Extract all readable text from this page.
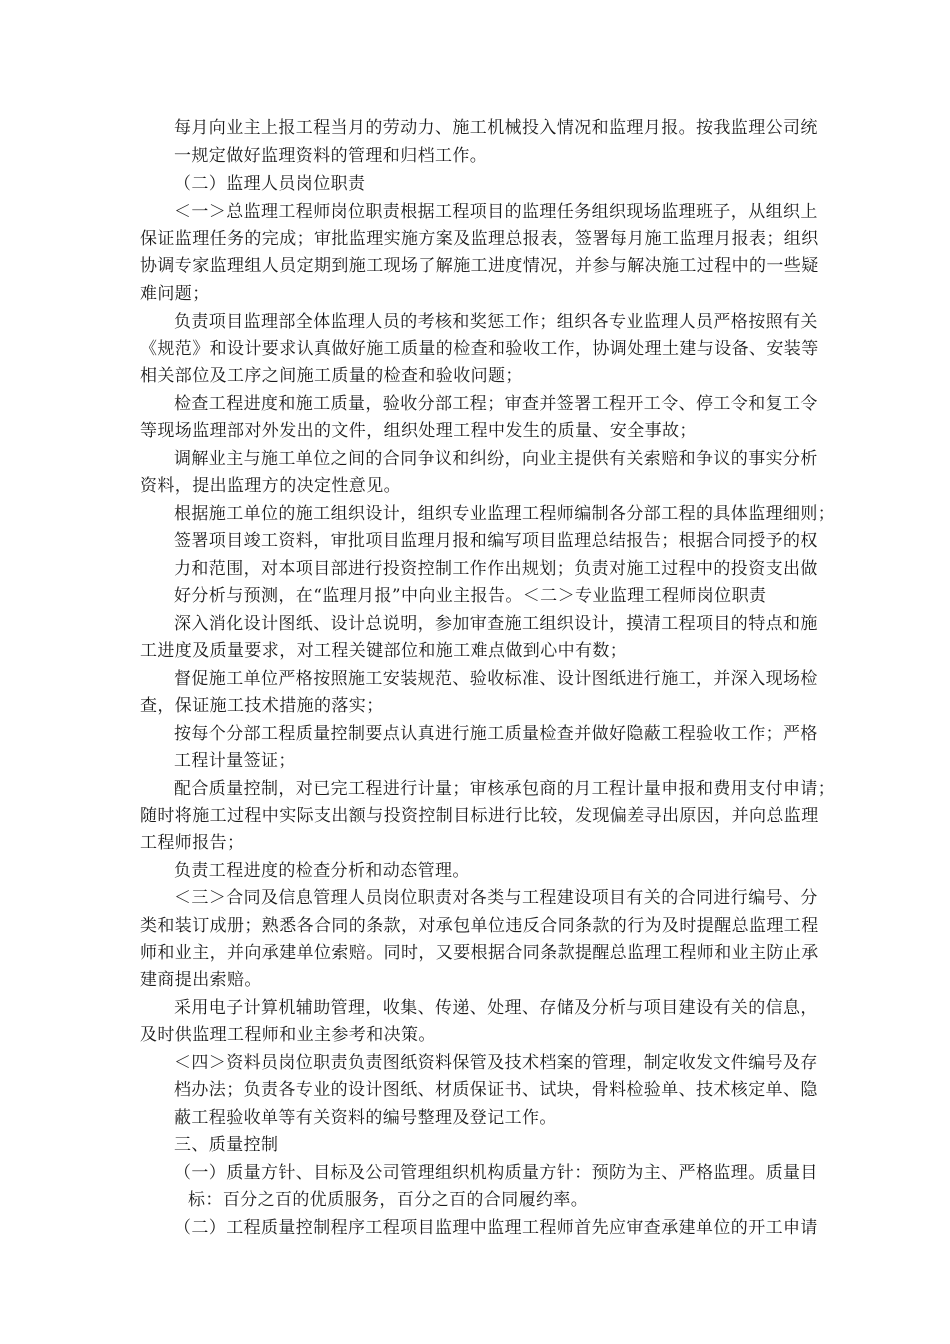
每月向业主上报工程当月的劳动力、施工机械投入情况和监理月报。按我监理公司统
一规定做好监理资料的管理和归档工作。
（二）监理人员岗位职责
＜一＞总监理工程师岗位职责根据工程项目的监理任务组织现场监理班子，从组织上
保证监理任务的完成；审批监理实施方案及监理总报表，签署每月施工监理月报表；组织
协调专家监理组人员定期到施工现场了解施工进度情况，并参与解决施工过程中的一些疑
难问题；
负责项目监理部全体监理人员的考核和奖惩工作；组织各专业监理人员严格按照有关
《规范》和设计要求认真做好施工质量的检查和验收工作，协调处理土建与设备、安装等
相关部位及工序之间施工质量的检查和验收问题；
检查工程进度和施工质量，验收分部工程；审查并签署工程开工令、停工令和复工令
等现场监理部对外发出的文件，组织处理工程中发生的质量、安全事故；
调解业主与施工单位之间的合同争议和纠纷，向业主提供有关索赔和争议的事实分析
资料，提出监理方的决定性意见。
根据施工单位的施工组织设计，组织专业监理工程师编制各分部工程的具体监理细则；
签署项目竣工资料，审批项目监理月报和编写项目监理总结报告；根据合同授予的权
力和范围，对本项目部进行投资控制工作作出规划；负责对施工过程中的投资支出做
好分析与预测，在“监理月报”中向业主报告。＜二＞专业监理工程师岗位职责
深入消化设计图纸、设计总说明，参加审查施工组织设计，摸清工程项目的特点和施
工进度及质量要求，对工程关键部位和施工难点做到心中有数；
督促施工单位严格按照施工安装规范、验收标准、设计图纸进行施工，并深入现场检
查，保证施工技术措施的落实；
按每个分部工程质量控制要点认真进行施工质量检查并做好隐蔽工程验收工作；严格
工程计量签证；
配合质量控制，对已完工程进行计量；审核承包商的月工程计量申报和费用支付申请；
随时将施工过程中实际支出额与投资控制目标进行比较，发现偏差寻出原因，并向总监理
工程师报告；
负责工程进度的检查分析和动态管理。
＜三＞合同及信息管理人员岗位职责对各类与工程建设项目有关的合同进行编号、分
类和装订成册；熟悉各合同的条款，对承包单位违反合同条款的行为及时提醒总监理工程
师和业主，并向承建单位索赔。同时，又要根据合同条款提醒总监理工程师和业主防止承
建商提出索赔。
采用电子计算机辅助管理，收集、传递、处理、存储及分析与项目建设有关的信息，
及时供监理工程师和业主参考和决策。
＜四＞资料员岗位职责负责图纸资料保管及技术档案的管理，制定收发文件编号及存
档办法；负责各专业的设计图纸、材质保证书、试块，骨料检验单、技术核定单、隐
蔽工程验收单等有关资料的编号整理及登记工作。
三、质量控制
（一）质量方针、目标及公司管理组织机构质量方针：预防为主、严格监理。质量目
标：百分之百的优质服务，百分之百的合同履约率。
（二）工程质量控制程序工程项目监理中监理工程师首先应审查承建单位的开工申请
